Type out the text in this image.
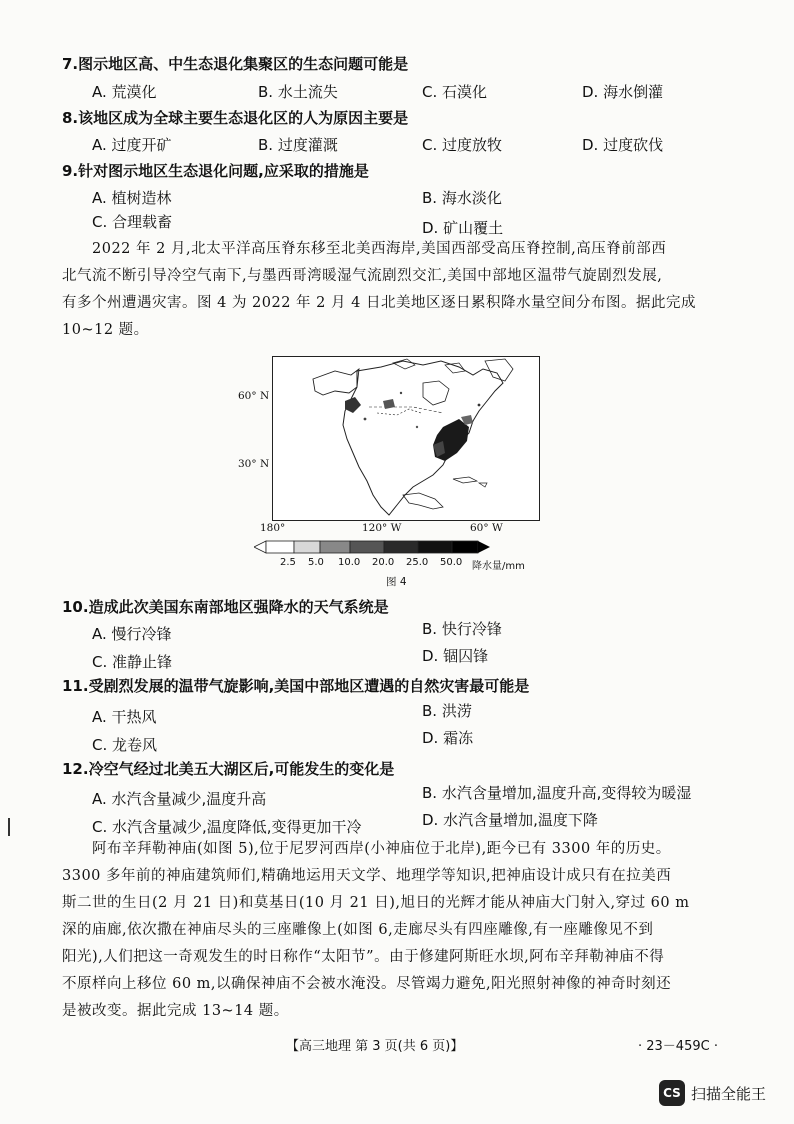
7.图示地区高、中生态退化集聚区的生态问题可能是
A. 荒漠化	B. 水土流失	C. 石漠化	D. 海水倒灌
8.该地区成为全球主要生态退化区的人为原因主要是
A. 过度开矿	B. 过度灌溉	C. 过度放牧	D. 过度砍伐
9.针对图示地区生态退化问题,应采取的措施是
A. 植树造林	B. 海水淡化
C. 合理载畜	D. 矿山覆土
2022 年 2 月,北太平洋高压脊东移至北美西海岸,美国西部受高压脊控制,高压脊前部西
北气流不断引导冷空气南下,与墨西哥湾暖湿气流剧烈交汇,美国中部地区温带气旋剧烈发展,
有多个州遭遇灾害。图 4 为 2022 年 2 月 4 日北美地区逐日累积降水量空间分布图。据此完成
10~12 题。
60° N
30° N
180°	120° W	60° W
2.5 5.0 10.0 20.0 25.0 50.0 降水量/mm
图 4
10.造成此次美国东南部地区强降水的天气系统是
A. 慢行冷锋	B. 快行冷锋
C. 准静止锋	D. 锢囚锋
11.受剧烈发展的温带气旋影响,美国中部地区遭遇的自然灾害最可能是
A. 干热风	B. 洪涝
C. 龙卷风	D. 霜冻
12.冷空气经过北美五大湖区后,可能发生的变化是
A. 水汽含量减少,温度升高	B. 水汽含量增加,温度升高,变得较为暖湿
C. 水汽含量减少,温度降低,变得更加干冷	D. 水汽含量增加,温度下降
阿布辛拜勒神庙(如图 5),位于尼罗河西岸(小神庙位于北岸),距今已有 3300 年的历史。
3300 多年前的神庙建筑师们,精确地运用天文学、地理学等知识,把神庙设计成只有在拉美西
斯二世的生日(2 月 21 日)和莫基日(10 月 21 日),旭日的光辉才能从神庙大门射入,穿过 60 m
深的庙廊,依次撒在神庙尽头的三座雕像上(如图 6,走廊尽头有四座雕像,有一座雕像见不到
阳光),人们把这一奇观发生的时日称作“太阳节”。由于修建阿斯旺水坝,阿布辛拜勒神庙不得
不原样向上移位 60 m,以确保神庙不会被水淹没。尽管竭力避免,阳光照射神像的神奇时刻还
是被改变。据此完成 13~14 题。
【高三地理 第 3 页(共 6 页)】	· 23－459C ·
CS 扫描全能王
